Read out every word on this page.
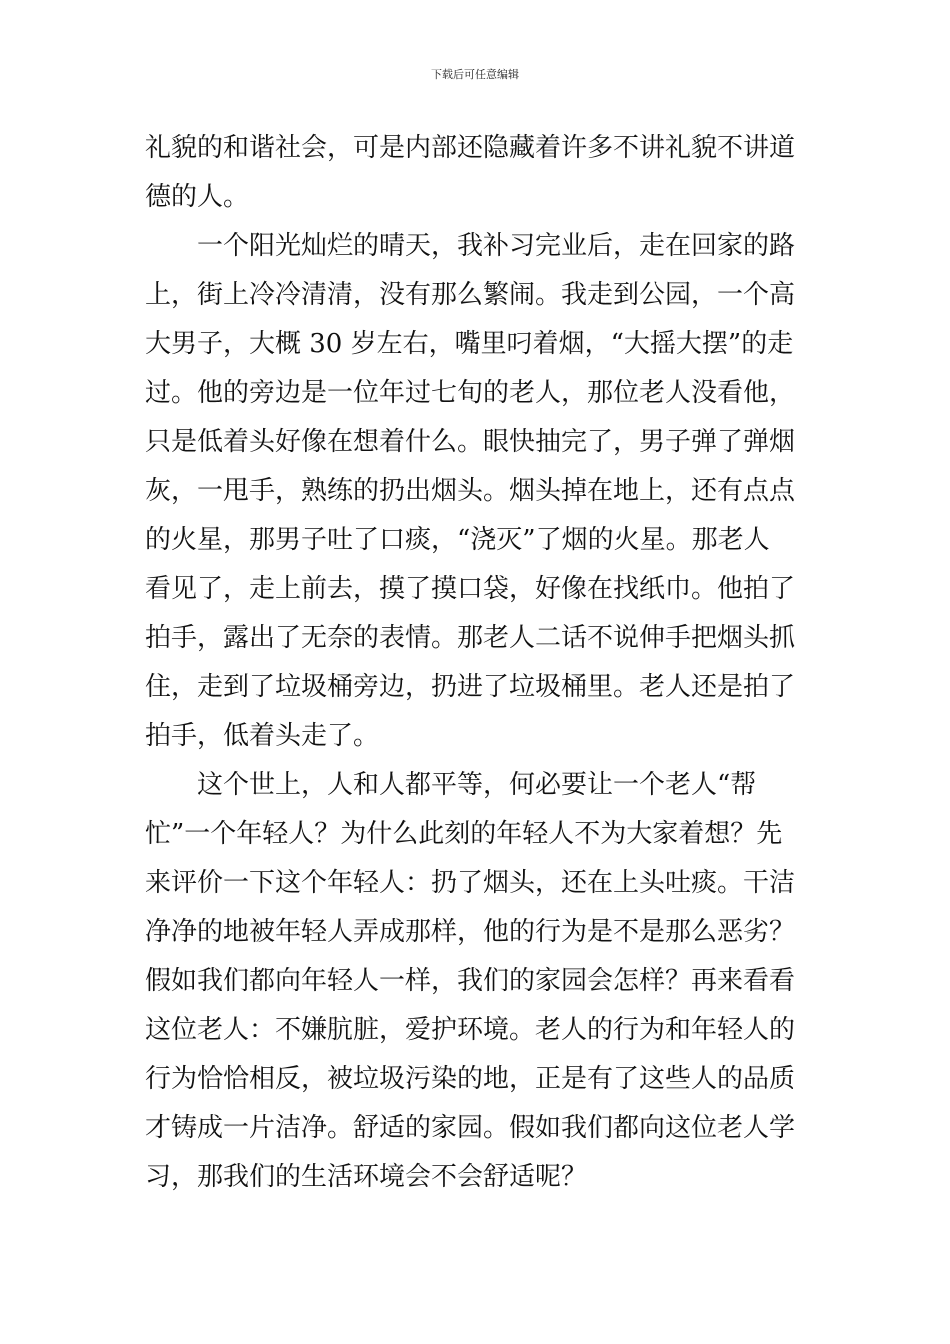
下载后可任意编辑
礼貌的和谐社会，可是内部还隐藏着许多不讲礼貌不讲道
德的人。
　　一个阳光灿烂的晴天，我补习完业后，走在回家的路
上，街上冷冷清清，没有那么繁闹。我走到公园，一个高
大男子，大概 30 岁左右，嘴里叼着烟，“大摇大摆”的走
过。他的旁边是一位年过七旬的老人，那位老人没看他，
只是低着头好像在想着什么。眼快抽完了，男子弹了弹烟
灰，一甩手，熟练的扔出烟头。烟头掉在地上，还有点点
的火星，那男子吐了口痰，“浇灭”了烟的火星。那老人
看见了，走上前去，摸了摸口袋，好像在找纸巾。他拍了
拍手，露出了无奈的表情。那老人二话不说伸手把烟头抓
住，走到了垃圾桶旁边，扔进了垃圾桶里。老人还是拍了
拍手，低着头走了。
　　这个世上，人和人都平等，何必要让一个老人“帮
忙”一个年轻人？为什么此刻的年轻人不为大家着想？先
来评价一下这个年轻人：扔了烟头，还在上头吐痰。干洁
净净的地被年轻人弄成那样，他的行为是不是那么恶劣？
假如我们都向年轻人一样，我们的家园会怎样？再来看看
这位老人：不嫌肮脏，爱护环境。老人的行为和年轻人的
行为恰恰相反，被垃圾污染的地，正是有了这些人的品质
才铸成一片洁净。舒适的家园。假如我们都向这位老人学
习，那我们的生活环境会不会舒适呢？
